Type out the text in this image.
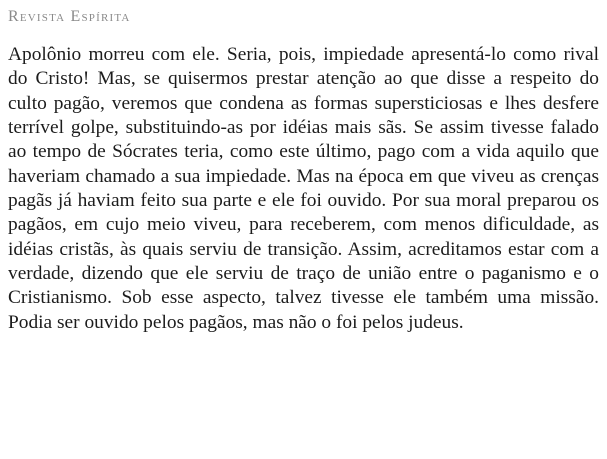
Revista Espírita

Apolônio morreu com ele. Seria, pois, impiedade apresentá-lo como rival do Cristo! Mas, se quisermos prestar atenção ao que disse a respeito do culto pagão, veremos que condena as formas supersticiosas e lhes desfere terrível golpe, substituindo-as por idéias mais sãs. Se assim tivesse falado ao tempo de Sócrates teria, como este último, pago com a vida aquilo que haveriam chamado a sua impiedade. Mas na época em que viveu as crenças pagãs já haviam feito sua parte e ele foi ouvido. Por sua moral preparou os pagãos, em cujo meio viveu, para receberem, com menos dificuldade, as idéias cristãs, às quais serviu de transição. Assim, acreditamos estar com a verdade, dizendo que ele serviu de traço de união entre o paganismo e o Cristianismo. Sob esse aspecto, talvez tivesse ele também uma missão. Podia ser ouvido pelos pagãos, mas não o foi pelos judeus.
